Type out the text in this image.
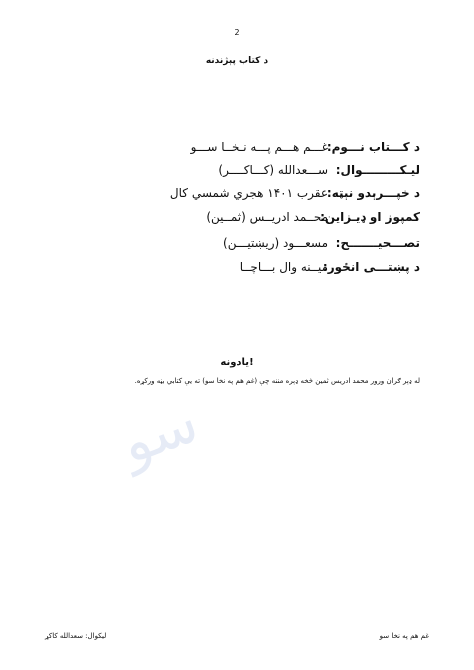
2
د كتاب پېژندنه
د كـــتاب نـــوم:
غـــم هـــم پـــه نـخــا ســـو
ليـكـــــــــوال:
ســـعدالله (كـــاكــــر)
د خپـــرېدو نېټه:
عقرب ۱۴۰۱ هجري شمسي كال
كمپوز او ډيـزاين:
محــمد ادريــس (ثمــين)
تصـــحيـــــــح:
مسعـــود (ريښتيـــن)
د پښتـــى انځور:
ميــنه وال بـــاچــا
يادونه!
له ډېر ګران ورور محمد ادريس ثمين څخه ډېره مننه چې (غم هم په نخا سو) ته يې كتابي بڼه وركړه.
سو
ليكوال: سعدالله كاكړ	غم هم په نخا سو
